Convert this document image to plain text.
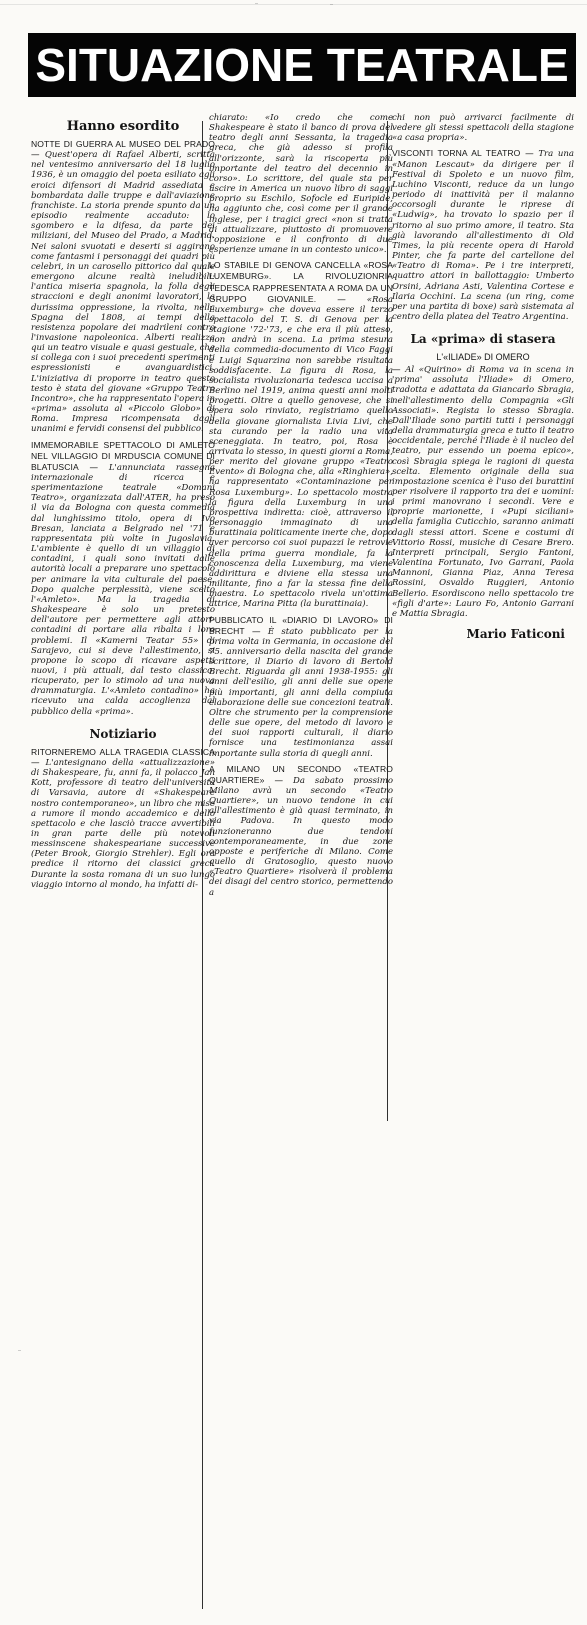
SITUAZIONE TEATRALE
Hanno esordito

NOTTE DI GUERRA AL MUSEO DEL PRADO — Quest'opera di Rafael Alberti, scritta nel ventesimo anniversario del 18 luglio 1936, è un omaggio del poeta esiliato agli eroici difensori di Madrid assediata e bombardata dalle truppe e dall'aviazione franchiste. La storia prende spunto da un episodio realmente accaduto: lo sgombero e la difesa, da parte dei miliziani, del Museo del Prado, a Madrid. Nei saloni svuotati e deserti si aggirano come fantasmi i personaggi dei quadri più celebri, in un carosello pittorico dal quale emergono alcune realtà ineludibili: l'antica miseria spagnola, la folla degli straccioni e degli anonimi lavoratori, la durissima oppressione, la rivolta, nella Spagna del 1808, ai tempi della resistenza popolare dei madrileni contro l'invasione napoleonica. Alberti realizza qui un teatro visuale e quasi gestuale, che si collega con i suoi precedenti sperimenti espressionisti e avanguardistici. L'iniziativa di proporre in teatro questo testo è stata del giovane «Gruppo Teatro Incontro», che ha rappresentato l'opera in «prima» assoluta al «Piccolo Globo» di Roma. Impresa ricompensata dagli unanimi e fervidi consensi del pubblico.

IMMEMORABILE SPETTACOLO DI AMLETO NEL VILLAGGIO DI MRDUSCIA COMUNE DI BLATUSCIA — L'annunciata rassegna internazionale di ricerca e sperimentazione teatrale «Domani Teatro», organizzata dall'ATER, ha preso il via da Bologna con questa commedia dal lunghissimo titolo, opera di Ivo Bresan, lanciata a Belgrado nel '71 e rappresentata più volte in Jugoslavia. L'ambiente è quello di un villaggio di contadini, i quali sono invitati dalle autorità locali a preparare uno spettacolo per animare la vita culturale del paese. Dopo qualche perplessità, viene scelto l'«Amleto». Ma la tragedia di Shakespeare è solo un pretesto dell'autore per permettere agli attori-contadini di portare alla ribalta i loro problemi. Il «Kamerni Teatar 55» di Sarajevo, cui si deve l'allestimento, si propone lo scopo di ricavare aspetti nuovi, i più attuali, dal testo classico, ricuperato, per lo stimolo ad una nuova drammaturgia. L'«Amleto contadino» ha ricevuto una calda accoglienza dal pubblico della «prima».

Notiziario

RITORNEREMO ALLA TRAGEDIA CLASSICA — L'antesignano della «attualizzazione» di Shakespeare, fu, anni fa, il polacco Jan Kott, professore di teatro dell'università di Varsavia, autore di «Shakespeare nostro contemporaneo», un libro che mise a rumore il mondo accademico e dello spettacolo e che lasciò tracce avvertibili in gran parte delle più notevoli messinscene shakespeariane successive (Peter Brook, Giorgio Strehler). Egli ora predice il ritorno dei classici greci. Durante la sosta romana di un suo lungo viaggio intorno al mondo, ha infatti di-

chiarato: «Io credo che come Shakespeare è stato il banco di prova del teatro degli anni Sessanta, la tragedia greca, che già adesso si profila all'orizzonte, sarà la riscoperta più importante del teatro del decennio in corso». Lo scrittore, del quale sta per uscire in America un nuovo libro di saggi proprio su Eschilo, Sofocle ed Euripide, ha aggiunto che, così come per il grande inglese, per i tragici greci «non si tratta di attualizzare, piuttosto di promuovere l'opposizione e il confronto di due esperienze umane in un contesto unico».

LO STABILE DI GENOVA CANCELLA «ROSA LUXEMBURG». LA RIVOLUZIONRIA TEDESCA RAPPRESENTATA A ROMA DA UN GRUPPO GIOVANILE. — «Rosa Luxemburg» che doveva essere il terzo spettacolo del T. S. di Genova per la stagione '72-'73, e che era il più atteso, non andrà in scena. La prima stesura della commedia-documento di Vico Faggi e Luigi Squarzina non sarebbe risultata soddisfacente. La figura di Rosa, la socialista rivoluzionaria tedesca uccisa a Berlino nel 1919, anima questi anni molti progetti. Oltre a quello genovese, che si spera solo rinviato, registriamo quello della giovane giornalista Livia Livi, che sta curando per la radio una vita sceneggiata. In teatro, poi, Rosa è arrivata lo stesso, in questi giorni a Roma, per merito del giovane gruppo «Teatro Evento» di Bologna che, alla «Ringhiera», ha rappresentato «Contaminazione per Rosa Luxemburg». Lo spettacolo mostra la figura della Luxemburg in una prospettiva indiretta: cioè, attraverso il personaggio immaginato di una burattinaia politicamente inerte che, dopo aver percorso coi suoi pupazzi le retrovie della prima guerra mondiale, fa la conoscenza della Luxemburg, ma viene addirittura e diviene ella stessa una militante, fino a far la stessa fine della maestra. Lo spettacolo rivela un'ottima attrice, Marina Pitta (la burattinaia).

PUBBLICATO IL «DIARIO DI LAVORO» DI BRECHT — È stato pubblicato per la prima volta in Germania, in occasione del 75. anniversario della nascita del grande scrittore, il Diario di lavoro di Bertold Brecht. Riguarda gli anni 1938-1955: gli anni dell'esilio, gli anni delle sue opere più importanti, gli anni della compiuta elaborazione delle sue concezioni teatrali. Oltre che strumento per la comprensione delle sue opere, del metodo di lavoro e dei suoi rapporti culturali, il diario fornisce una testimonianza assai importante sulla storia di quegli anni.

A MILANO UN SECONDO «TEATRO QUARTIERE» — Da sabato prossimo Milano avrà un secondo «Teatro Quartiere», un nuovo tendone in cui all'allestimento è già quasi terminato, in via Padova. In questo modo funzioneranno due tendoni contemporaneamente, in due zone opposte e periferiche di Milano. Come quello di Gratosoglio, questo nuovo «Teatro Quartiere» risolverà il problema dei disagi del centro storico, permettendo a

chi non può arrivarci facilmente di vedere gli stessi spettacoli della stagione «a casa propria».

VISCONTI TORNA AL TEATRO — Tra una «Manon Lescaut» da dirigere per il Festival di Spoleto e un nuovo film, Luchino Visconti, reduce da un lungo periodo di inattività per il malanno occorsogli durante le riprese di «Ludwig», ha trovato lo spazio per il ritorno al suo primo amore, il teatro. Sta già lavorando all'allestimento di Old Times, la più recente opera di Harold Pinter, che fa parte del cartellone del «Teatro di Roma». Pe i tre interpreti, quattro attori in ballottaggio: Umberto Orsini, Adriana Asti, Valentina Cortese e Ilaria Occhini. La scena (un ring, come per una partita di boxe) sarà sistemata al centro della platea del Teatro Argentina.

La «prima» di stasera
L'«ILIADE» DI OMERO

— Al «Quirino» di Roma va in scena in 'prima' assoluta l'Iliade» di Omero, tradotta e adattata da Giancarlo Sbragia, nell'allestimento della Compagnia «Gli Associati». Regista lo stesso Sbragia. Dall'Iliade sono partiti tutti i personaggi della drammaturgia greca e tutto il teatro occidentale, perché l'Iliade è il nucleo del teatro, pur essendo un poema epico», così Sbragia spiega le ragioni di questa scelta. Elemento originale della sua impostazione scenica è l'uso dei burattini per risolvere il rapporto tra dei e uomini: i primi manovrano i secondi. Vere e proprie marionette, i «Pupi siciliani» della famiglia Cuticchio, saranno animati dagli stessi attori. Scene e costumi di Vittorio Rossi, musiche di Cesare Brero. Interpreti principali, Sergio Fantoni, Valentina Fortunato, Ivo Garrani, Paola Mannoni, Gianna Piaz, Anna Teresa Rossini, Osvaldo Ruggieri, Antonio Bellerio. Esordiscono nello spettacolo tre «figli d'arte»: Lauro Fo, Antonio Garrani e Mattia Sbragia.

Mario Faticoni
